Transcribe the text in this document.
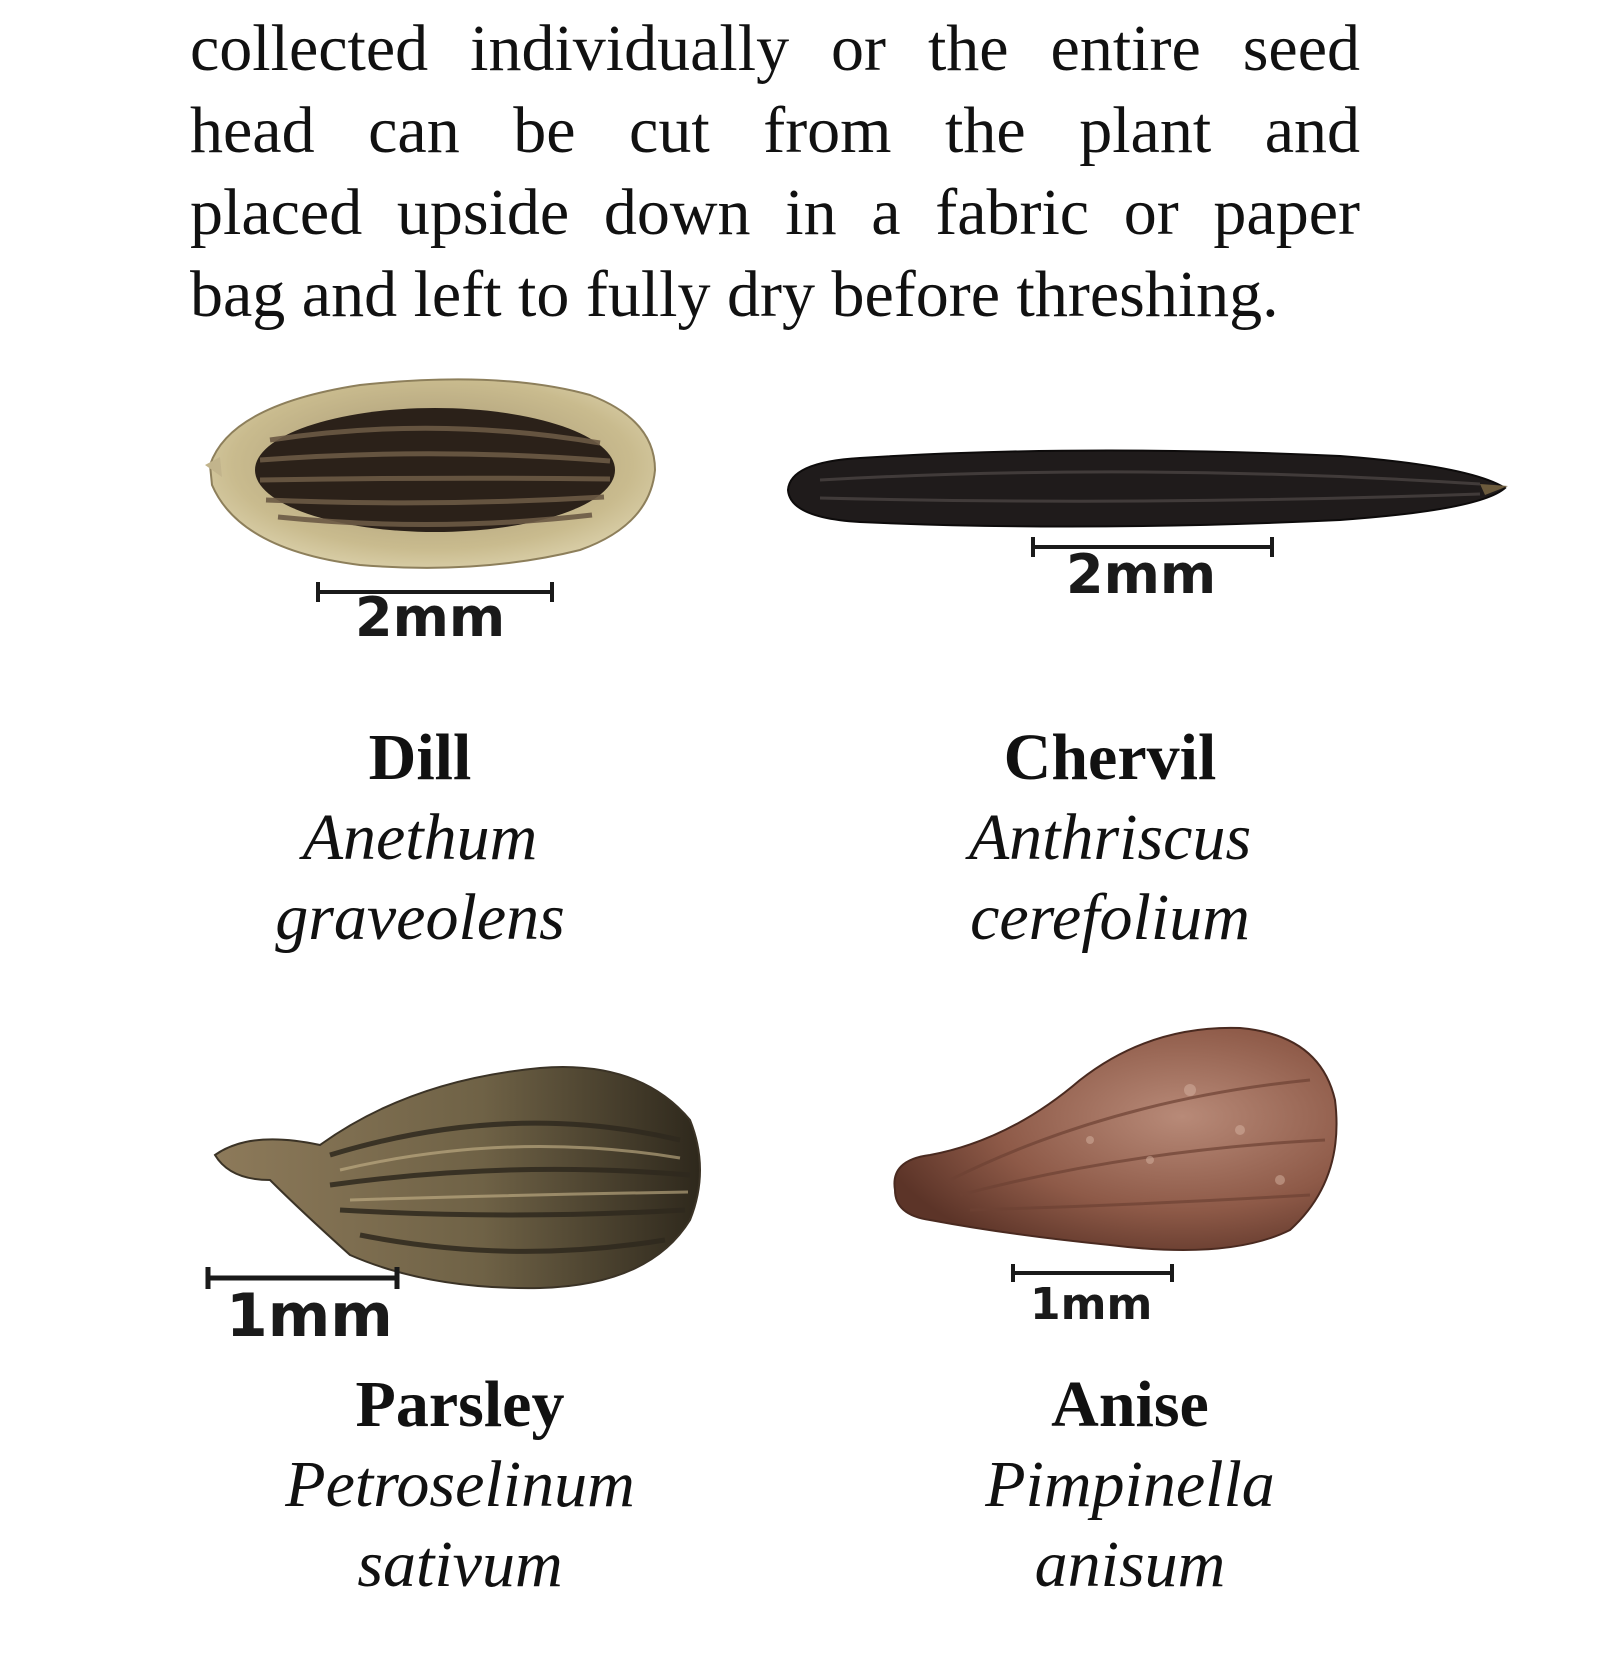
collected individually or the entire seed
head can be cut from the plant and
placed upside down in a fabric or paper
bag and left to fully dry before threshing.

2mm
2mm
Dill
Anethum
graveolens
Chervil
Anthriscus
cerefolium
1mm	1mm
Parsley
Petroselinum
sativum
Anise
Pimpinella
anisum
